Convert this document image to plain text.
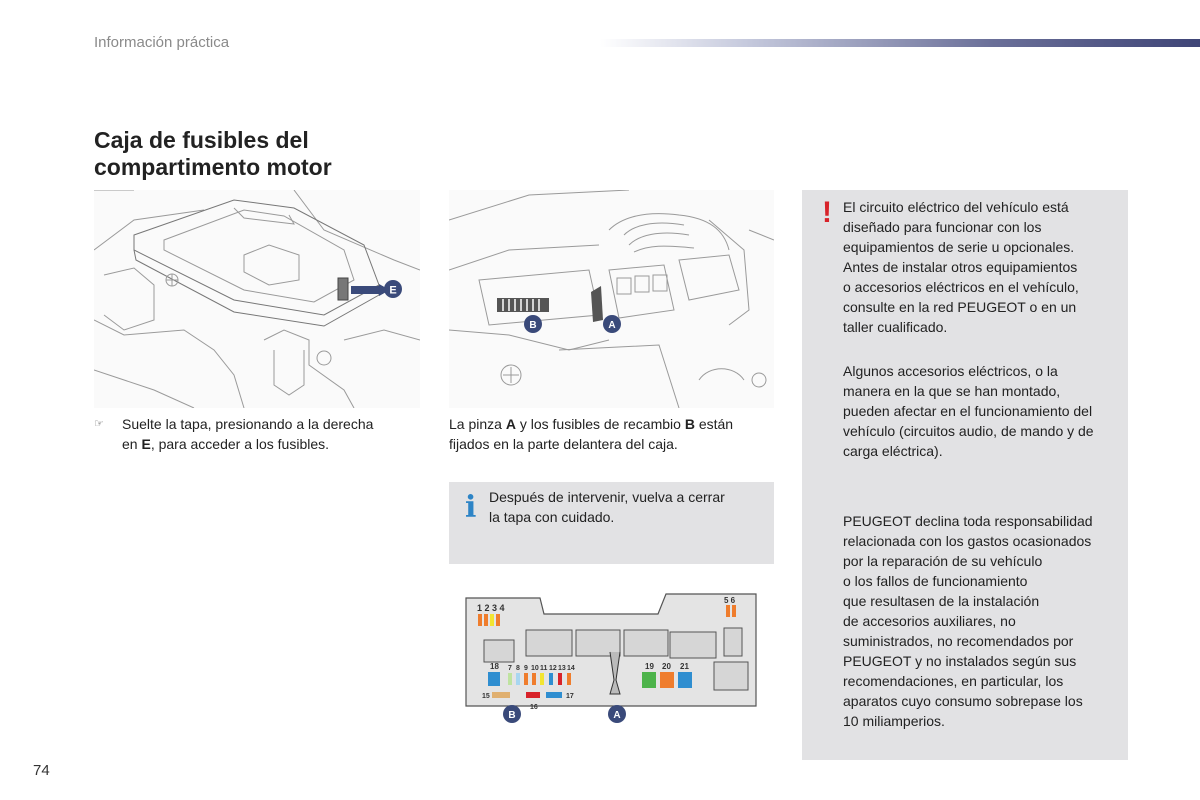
Información práctica
Caja de fusibles del
compartimento motor
E
B	A
☞ Suelte la tapa, presionando a la derecha
en E, para acceder a los fusibles.
La pinza A y los fusibles de recambio B están
fijados en la parte delantera del caja.
i Después de intervenir, vuelva a cerrar
la tapa con cuidado.
1 2 3 4
5 6
18 7 8 9 10 11 12 13 14
15
16
17
19 20 21
B	A
! El circuito eléctrico del vehículo está
diseñado para funcionar con los
equipamientos de serie u opcionales.
Antes de instalar otros equipamientos
o accesorios eléctricos en el vehículo,
consulte en la red PEUGEOT o en un
taller cualificado.
Algunos accesorios eléctricos, o la
manera en la que se han montado,
pueden afectar en el funcionamiento del
vehículo (circuitos audio, de mando y de
carga eléctrica).
PEUGEOT declina toda responsabilidad
relacionada con los gastos ocasionados
por la reparación de su vehículo
o los fallos de funcionamiento
que resultasen de la instalación
de accesorios auxiliares, no
suministrados, no recomendados por
PEUGEOT y no instalados según sus
recomendaciones, en particular, los
aparatos cuyo consumo sobrepase los
10 miliamperios.
74
